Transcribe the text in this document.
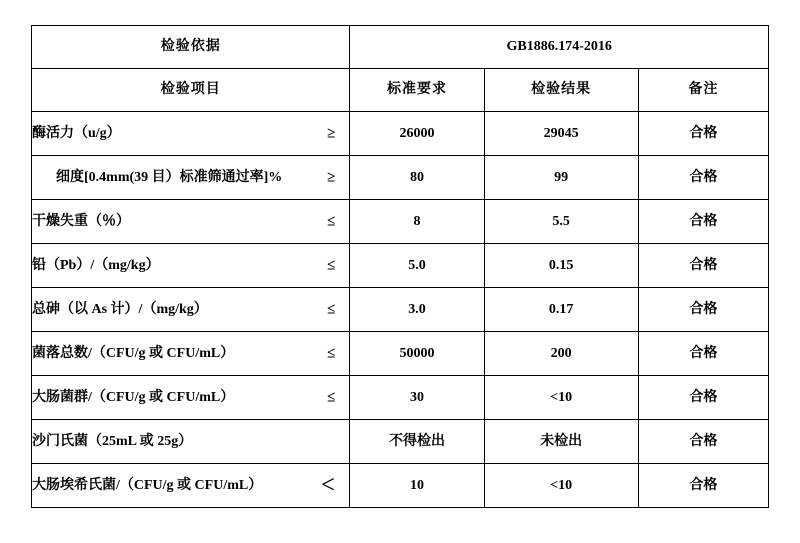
检验依据	GB1886.174-2016		
检验项目	标准要求	检验结果	备注
酶活力（u/g） ≥	26000	29045	合格
细度[0.4mm(39 目）标准筛通过率]% ≥	80	99	合格
干燥失重（％） ≤	8	5.5	合格
铅（Pb）/（mg/kg） ≤	5.0	0.15	合格
总砷（以 As 计）/（mg/kg） ≤	3.0	0.17	合格
菌落总数/（CFU/g 或 CFU/mL） ≤	50000	200	合格
大肠菌群/（CFU/g 或 CFU/mL） ≤	30	<10	合格
沙门氏菌（25mL 或 25g）	不得检出	未检出	合格
大肠埃希氏菌/（CFU/g 或 CFU/mL） ＜	10	<10	合格
